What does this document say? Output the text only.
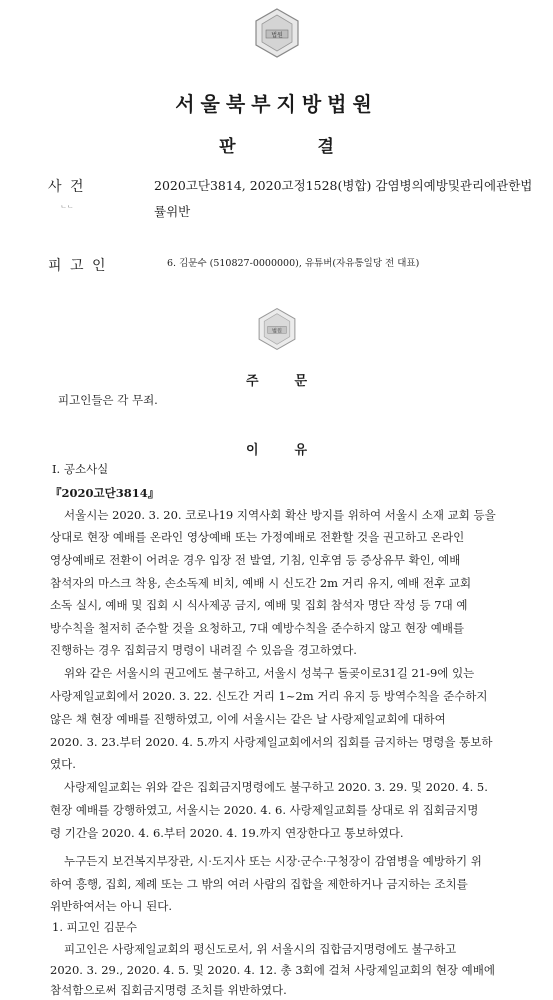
법원
서울북부지방법원
판	결
사 건	2020고단3814, 2020고정1528(병합) 감염병의예방및관리에관한법
률위반
ᄂᄂ
피 고 인	6. 김문수 (510827-0000000), 유튜버(자유통일당 전 대표)
법원
주	문
피고인들은 각 무죄.
이	유
Ⅰ. 공소사실
『2020고단3814』
서울시는 2020. 3. 20. 코로나19 지역사회 확산 방지를 위하여 서울시 소재 교회 등을
상대로 현장 예배를 온라인 영상예배 또는 가정예배로 전환할 것을 권고하고 온라인
영상예배로 전환이 어려운 경우 입장 전 발열, 기침, 인후염 등 증상유무 확인, 예배
참석자의 마스크 착용, 손소독제 비치, 예배 시 신도간 2m 거리 유지, 예배 전후 교회
소독 실시, 예배 및 집회 시 식사제공 금지, 예배 및 집회 참석자 명단 작성 등 7대 예
방수칙을 철저히 준수할 것을 요청하고, 7대 예방수칙을 준수하지 않고 현장 예배를
진행하는 경우 집회금지 명령이 내려질 수 있음을 경고하였다.
위와 같은 서울시의 권고에도 불구하고, 서울시 성북구 돌곶이로31길 21-9에 있는
사랑제일교회에서 2020. 3. 22. 신도간 거리 1~2m 거리 유지 등 방역수칙을 준수하지
않은 채 현장 예배를 진행하였고, 이에 서울시는 같은 날 사랑제일교회에 대하여
2020. 3. 23.부터 2020. 4. 5.까지 사랑제일교회에서의 집회를 금지하는 명령을 통보하
였다.
사랑제일교회는 위와 같은 집회금지명령에도 불구하고 2020. 3. 29. 및 2020. 4. 5.
현장 예배를 강행하였고, 서울시는 2020. 4. 6. 사랑제일교회를 상대로 위 집회금지명
령 기간을 2020. 4. 6.부터 2020. 4. 19.까지 연장한다고 통보하였다.
누구든지 보건복지부장관, 시·도지사 또는 시장·군수·구청장이 감염병을 예방하기 위
하여 흥행, 집회, 제례 또는 그 밖의 여러 사람의 집합을 제한하거나 금지하는 조치를
위반하여서는 아니 된다.
1. 피고인 김문수
피고인은 사랑제일교회의 평신도로서, 위 서울시의 집합금지명령에도 불구하고
2020. 3. 29., 2020. 4. 5. 및 2020. 4. 12. 총 3회에 걸쳐 사랑제일교회의 현장 예배에
참석함으로써 집회금지명령 조치를 위반하였다.
